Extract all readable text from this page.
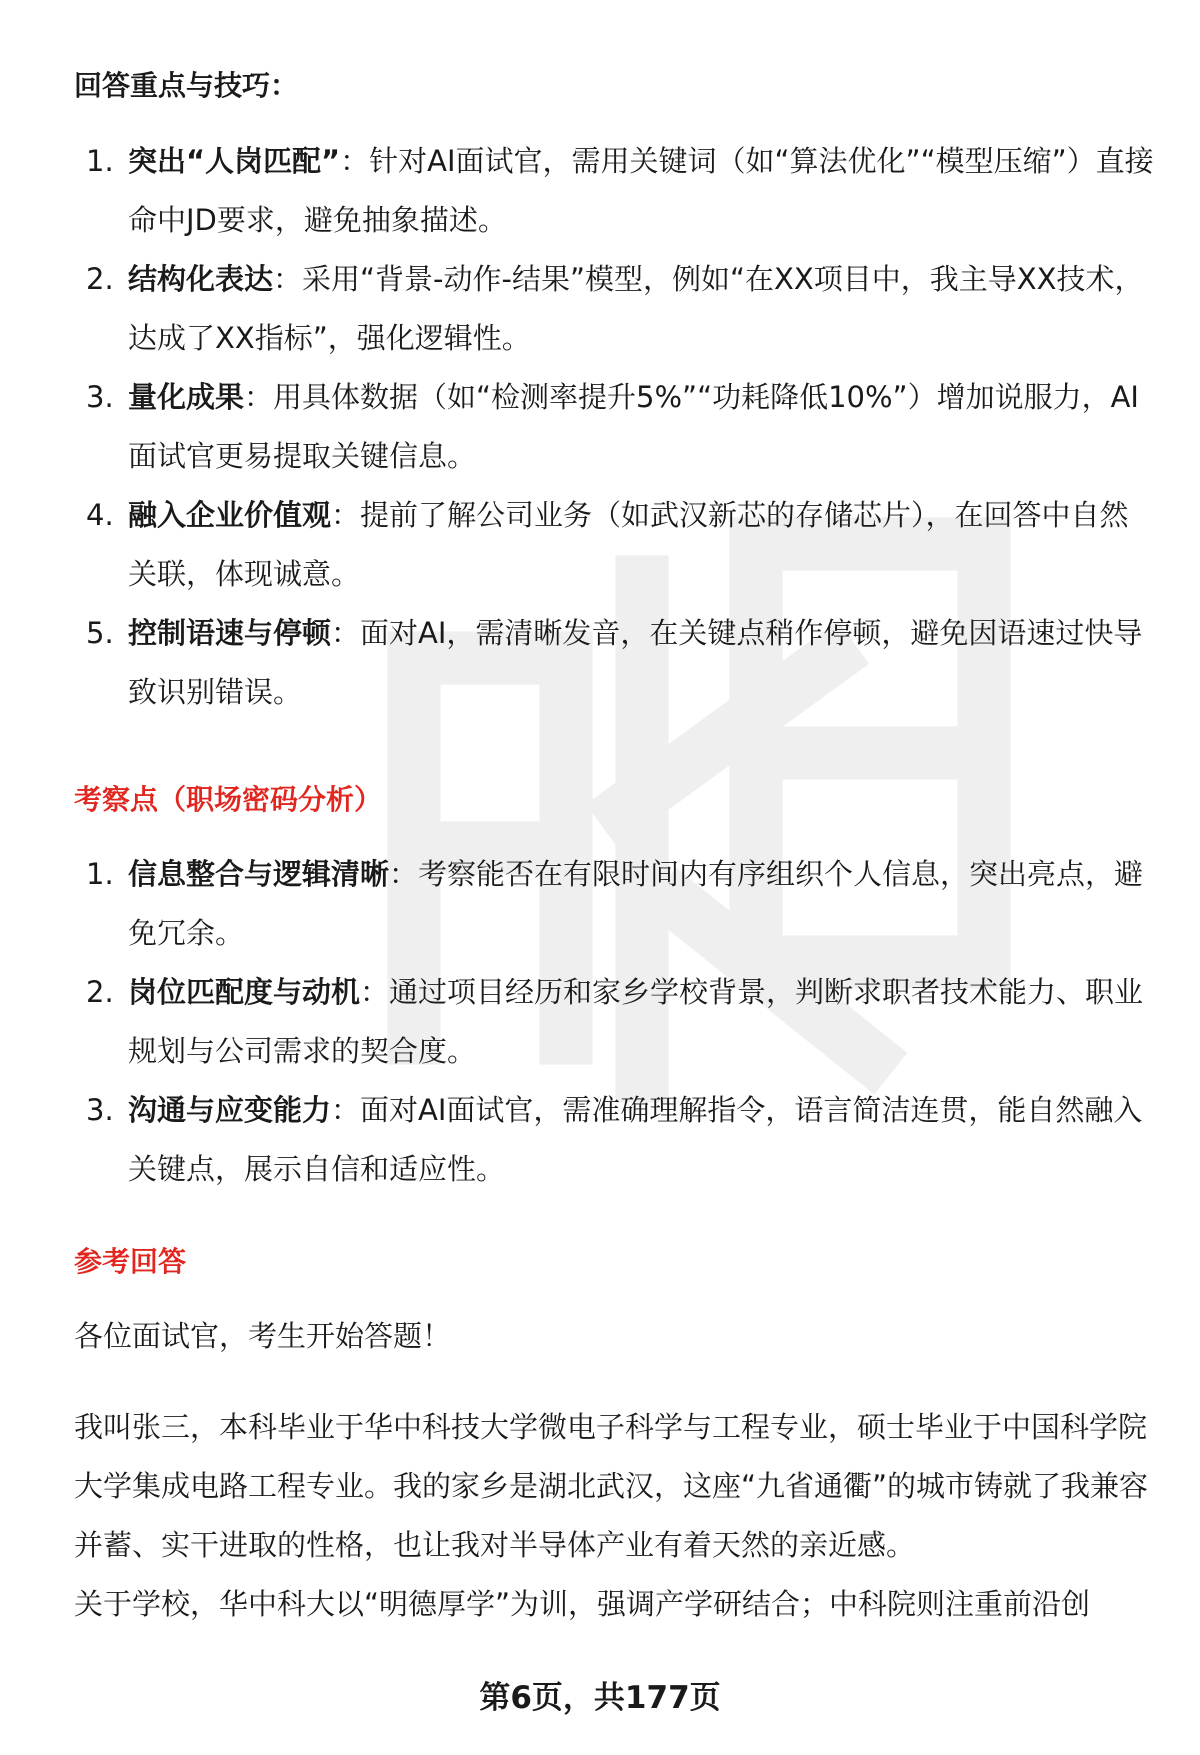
回答重点与技巧：
1. 突出“人岗匹配”：针对AI面试官，需用关键词（如“算法优化”“模型压缩”）直接命中JD要求，避免抽象描述。
2. 结构化表达：采用“背景-动作-结果”模型，例如“在XX项目中，我主导XX技术，达成了XX指标”，强化逻辑性。
3. 量化成果：用具体数据（如“检测率提升5%”“功耗降低10%”）增加说服力，AI面试官更易提取关键信息。
4. 融入企业价值观：提前了解公司业务（如武汉新芯的存储芯片），在回答中自然关联，体现诚意。
5. 控制语速与停顿：面对AI，需清晰发音，在关键点稍作停顿，避免因语速过快导致识别错误。
考察点（职场密码分析）
1. 信息整合与逻辑清晰：考察能否在有限时间内有序组织个人信息，突出亮点，避免冗余。
2. 岗位匹配度与动机：通过项目经历和家乡学校背景，判断求职者技术能力、职业规划与公司需求的契合度。
3. 沟通与应变能力：面对AI面试官，需准确理解指令，语言简洁连贯，能自然融入关键点，展示自信和适应性。
参考回答

各位面试官，考生开始答题！

我叫张三，本科毕业于华中科技大学微电子科学与工程专业，硕士毕业于中国科学院大学集成电路工程专业。我的家乡是湖北武汉，这座“九省通衢”的城市铸就了我兼容并蓄、实干进取的性格，也让我对半导体产业有着天然的亲近感。

关于学校，华中科大以“明德厚学”为训，强调产学研结合；中科院则注重前沿创

第6页，共177页
